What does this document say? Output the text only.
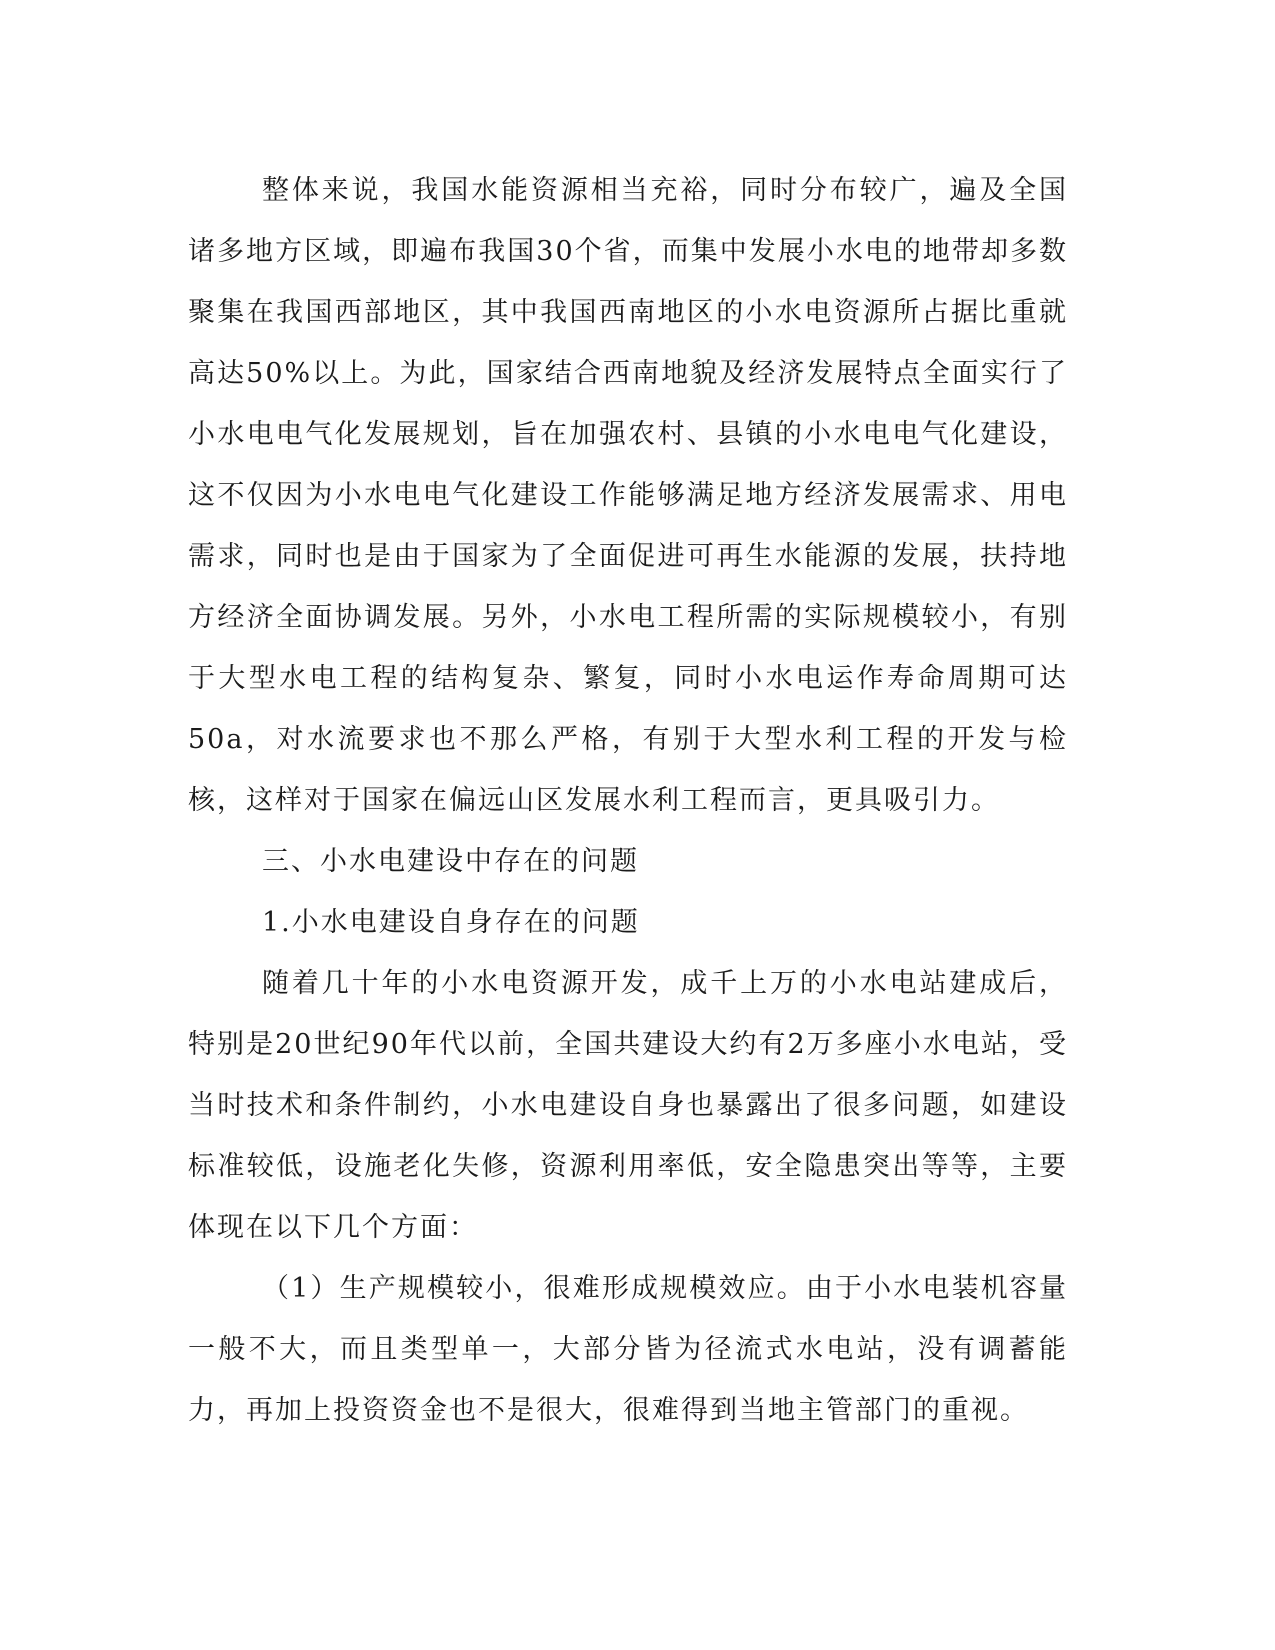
整体来说，我国水能资源相当充裕，同时分布较广，遍及全国诸多地方区域，即遍布我国30个省，而集中发展小水电的地带却多数聚集在我国西部地区，其中我国西南地区的小水电资源所占据比重就高达50%以上。为此，国家结合西南地貌及经济发展特点全面实行了小水电电气化发展规划，旨在加强农村、县镇的小水电电气化建设，这不仅因为小水电电气化建设工作能够满足地方经济发展需求、用电需求，同时也是由于国家为了全面促进可再生水能源的发展，扶持地方经济全面协调发展。另外，小水电工程所需的实际规模较小，有别于大型水电工程的结构复杂、繁复，同时小水电运作寿命周期可达50a，对水流要求也不那么严格，有别于大型水利工程的开发与检核，这样对于国家在偏远山区发展水利工程而言，更具吸引力。

三、小水电建设中存在的问题

1.小水电建设自身存在的问题

随着几十年的小水电资源开发，成千上万的小水电站建成后，特别是20世纪90年代以前，全国共建设大约有2万多座小水电站，受当时技术和条件制约，小水电建设自身也暴露出了很多问题，如建设标准较低，设施老化失修，资源利用率低，安全隐患突出等等，主要体现在以下几个方面：

（1）生产规模较小，很难形成规模效应。由于小水电装机容量一般不大，而且类型单一，大部分皆为径流式水电站，没有调蓄能力，再加上投资资金也不是很大，很难得到当地主管部门的重视。
